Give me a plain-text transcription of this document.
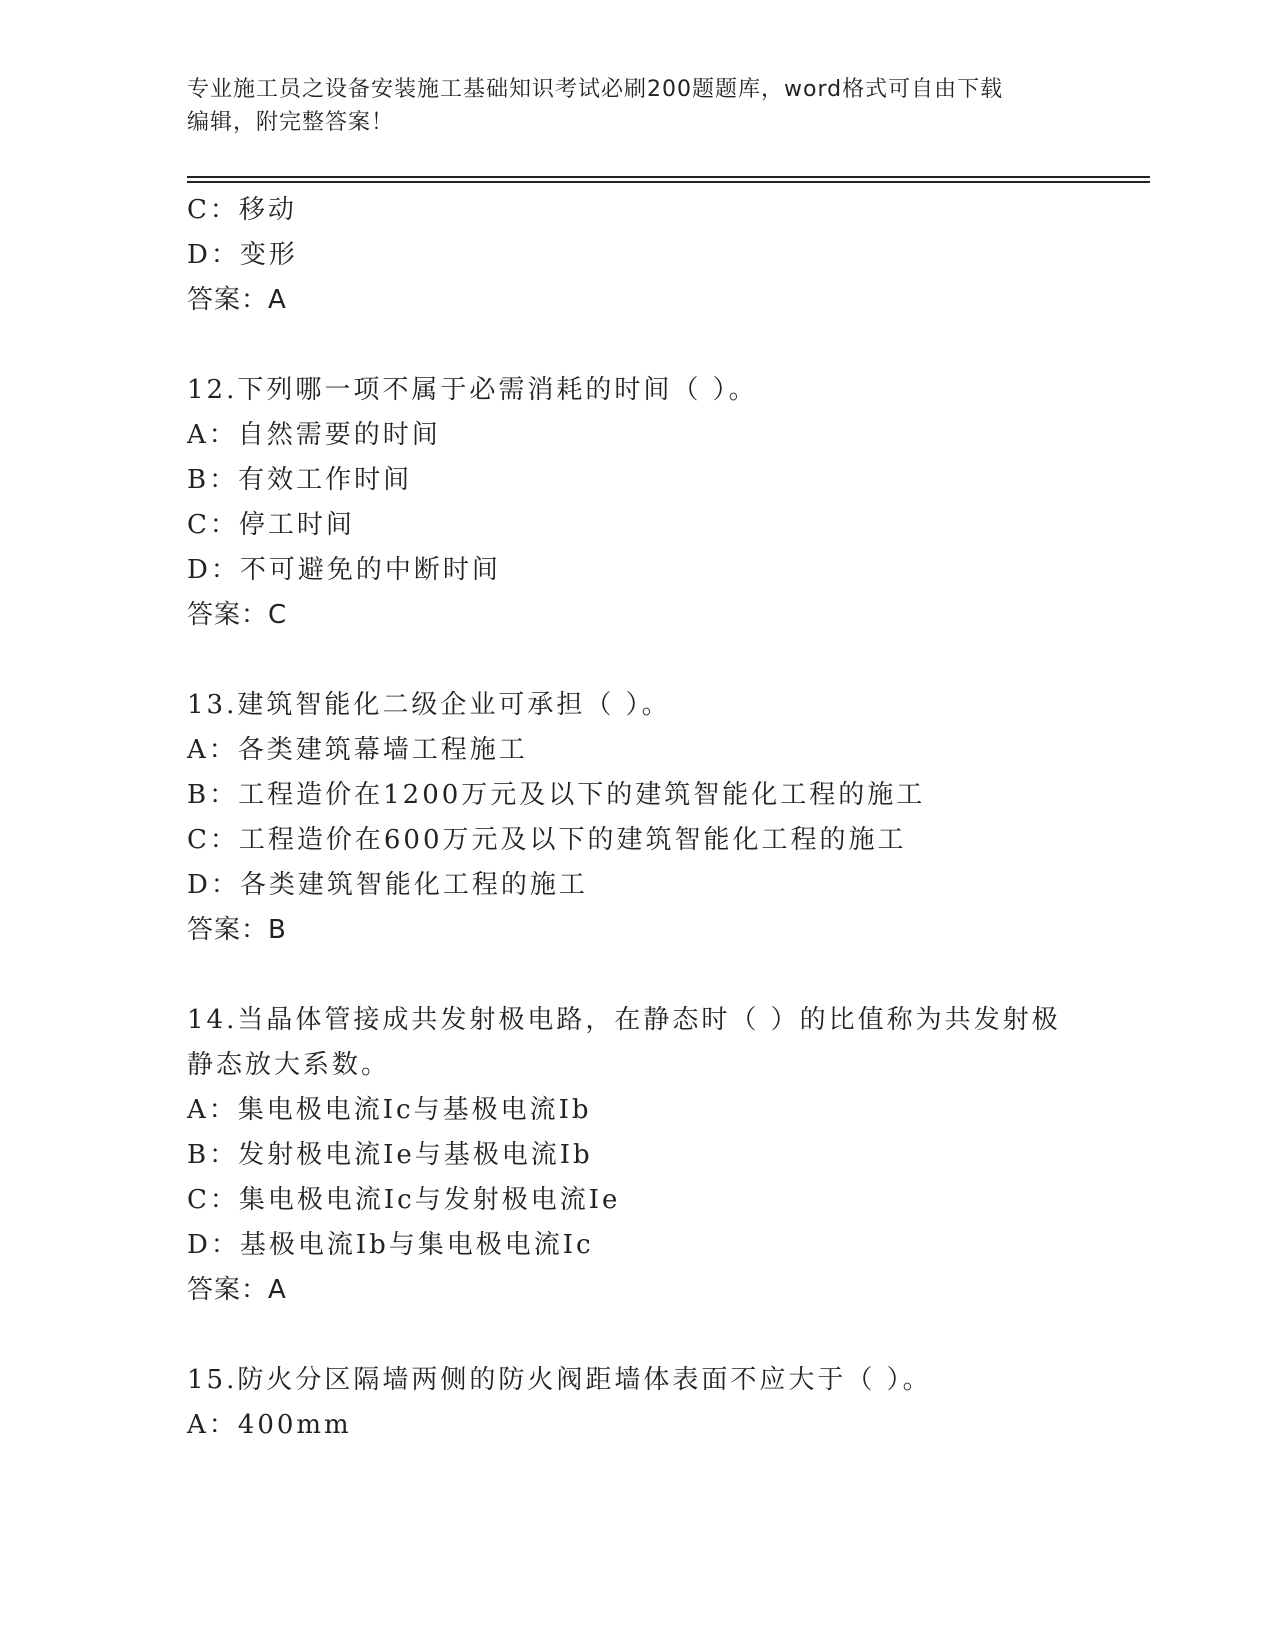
专业施工员之设备安装施工基础知识考试必刷200题题库，word格式可自由下载
编辑，附完整答案！
C：移动
D：变形
答案：A
12.下列哪一项不属于必需消耗的时间（ ）。
A：自然需要的时间
B：有效工作时间
C：停工时间
D：不可避免的中断时间
答案：C
13.建筑智能化二级企业可承担（ ）。
A：各类建筑幕墙工程施工
B：工程造价在1200万元及以下的建筑智能化工程的施工
C：工程造价在600万元及以下的建筑智能化工程的施工
D：各类建筑智能化工程的施工
答案：B
14.当晶体管接成共发射极电路，在静态时（ ）的比值称为共发射极
静态放大系数。
A：集电极电流Ic与基极电流Ib
B：发射极电流Ie与基极电流Ib
C：集电极电流Ic与发射极电流Ie
D：基极电流Ib与集电极电流Ic
答案：A
15.防火分区隔墙两侧的防火阀距墙体表面不应大于（ ）。
A：400mm
